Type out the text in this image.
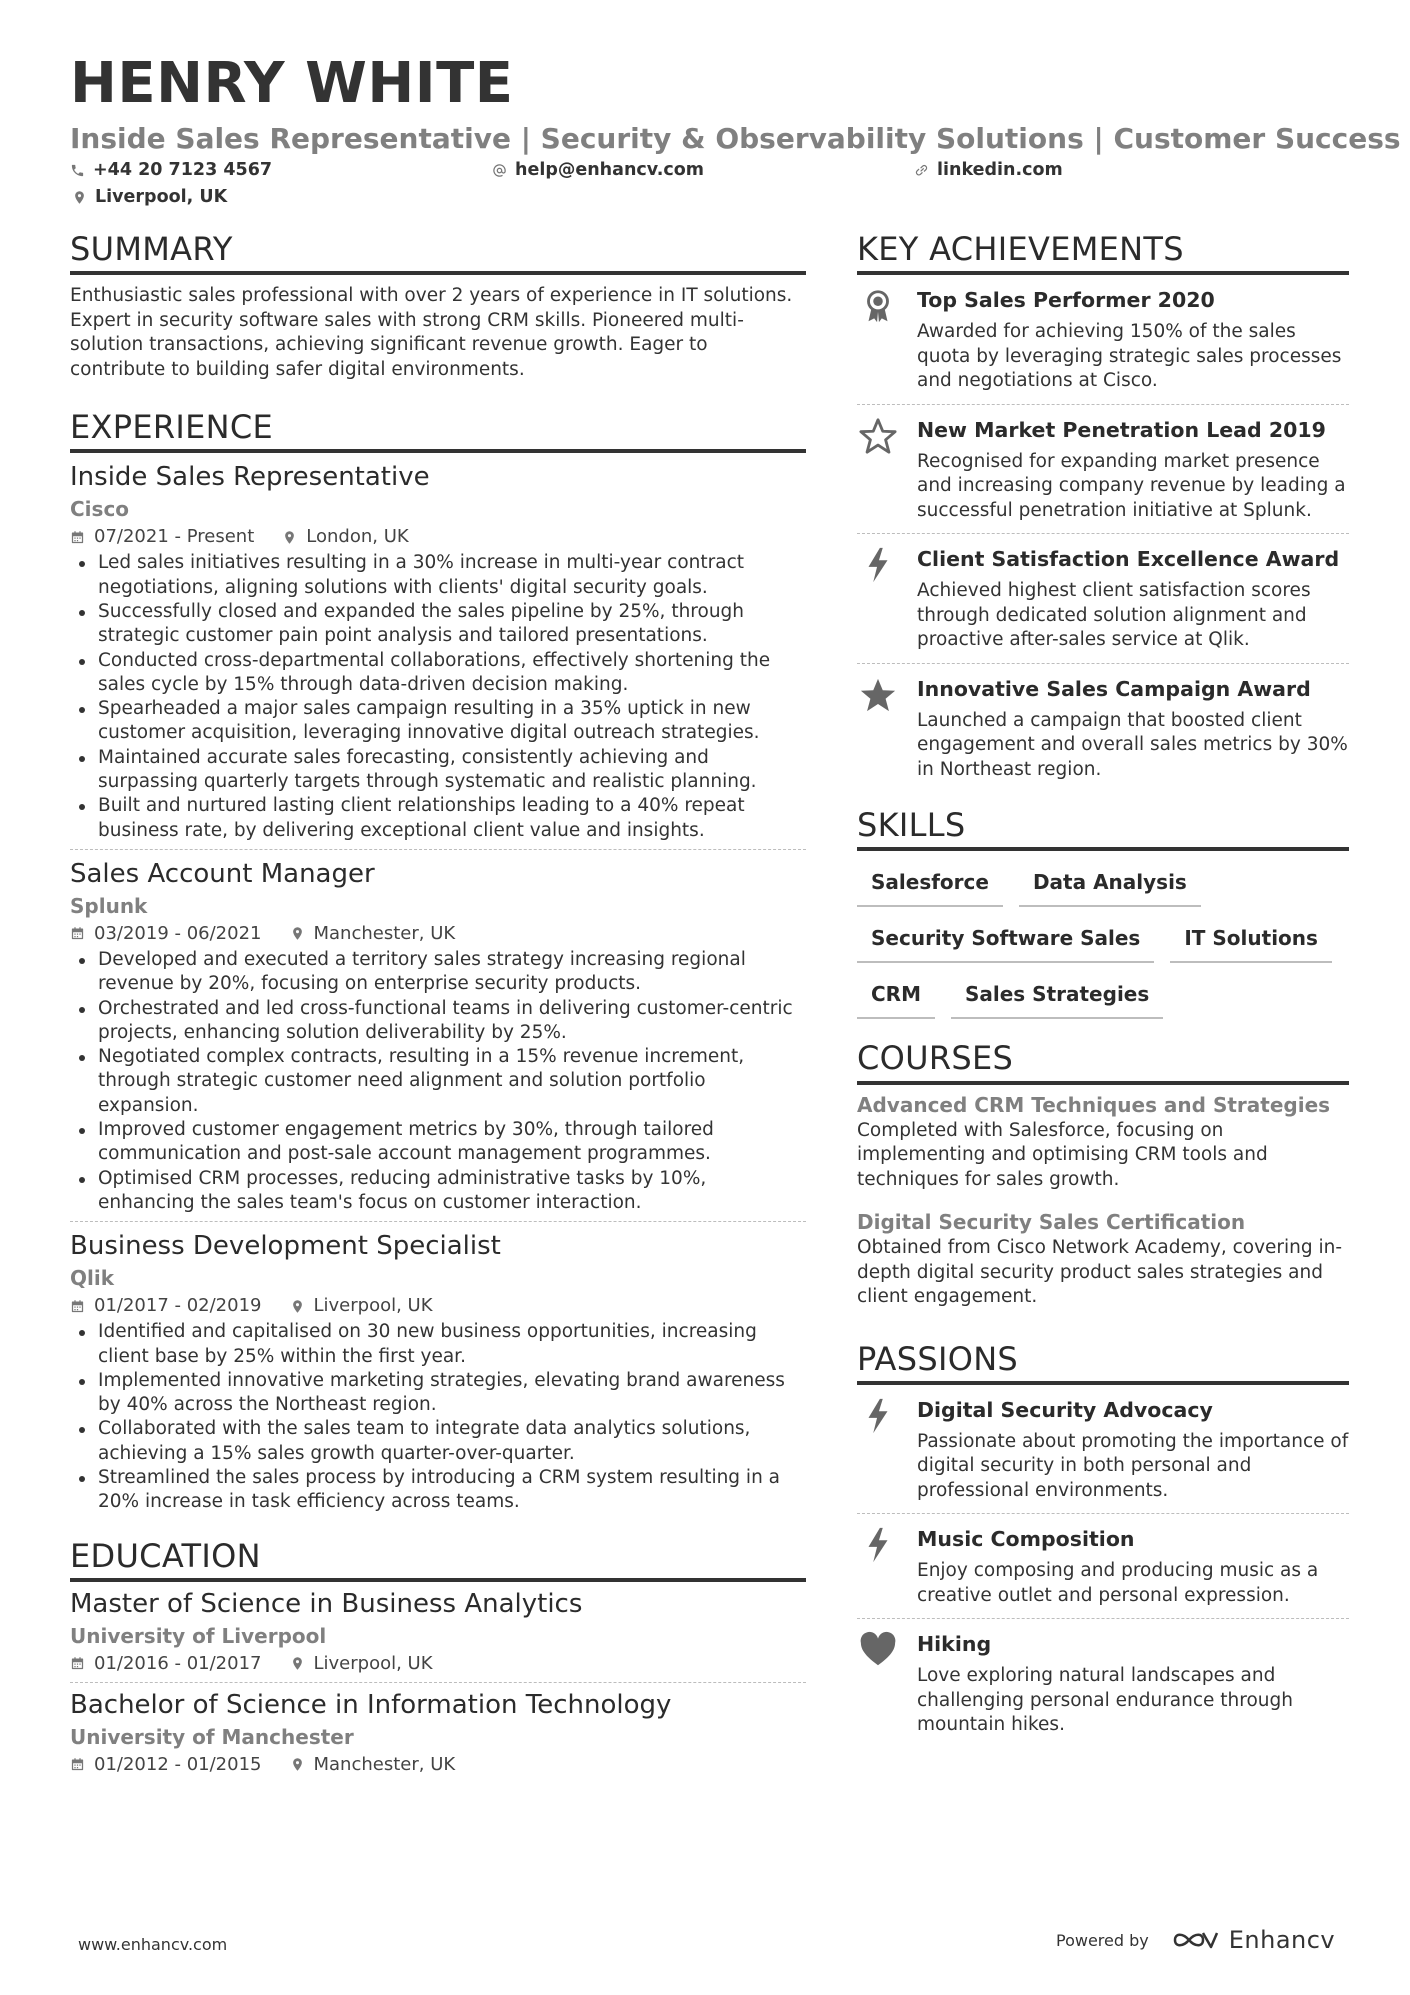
HENRY WHITE
Inside Sales Representative | Security & Observability Solutions | Customer Success
+44 20 7123 4567	help@enhancv.com	linkedin.com
Liverpool, UK
SUMMARY
Enthusiastic sales professional with over 2 years of experience in IT solutions. Expert in security software sales with strong CRM skills. Pioneered multi-solution transactions, achieving significant revenue growth. Eager to contribute to building safer digital environments.
EXPERIENCE
Inside Sales Representative
Cisco
07/2021 - Present	London, UK
Led sales initiatives resulting in a 30% increase in multi-year contract negotiations, aligning solutions with clients' digital security goals.
Successfully closed and expanded the sales pipeline by 25%, through strategic customer pain point analysis and tailored presentations.
Conducted cross-departmental collaborations, effectively shortening the sales cycle by 15% through data-driven decision making.
Spearheaded a major sales campaign resulting in a 35% uptick in new customer acquisition, leveraging innovative digital outreach strategies.
Maintained accurate sales forecasting, consistently achieving and surpassing quarterly targets through systematic and realistic planning.
Built and nurtured lasting client relationships leading to a 40% repeat business rate, by delivering exceptional client value and insights.
Sales Account Manager
Splunk
03/2019 - 06/2021	Manchester, UK
Developed and executed a territory sales strategy increasing regional revenue by 20%, focusing on enterprise security products.
Orchestrated and led cross-functional teams in delivering customer-centric projects, enhancing solution deliverability by 25%.
Negotiated complex contracts, resulting in a 15% revenue increment, through strategic customer need alignment and solution portfolio expansion.
Improved customer engagement metrics by 30%, through tailored communication and post-sale account management programmes.
Optimised CRM processes, reducing administrative tasks by 10%, enhancing the sales team's focus on customer interaction.
Business Development Specialist
Qlik
01/2017 - 02/2019	Liverpool, UK
Identified and capitalised on 30 new business opportunities, increasing client base by 25% within the first year.
Implemented innovative marketing strategies, elevating brand awareness by 40% across the Northeast region.
Collaborated with the sales team to integrate data analytics solutions, achieving a 15% sales growth quarter-over-quarter.
Streamlined the sales process by introducing a CRM system resulting in a 20% increase in task efficiency across teams.
EDUCATION
Master of Science in Business Analytics
University of Liverpool
01/2016 - 01/2017	Liverpool, UK
Bachelor of Science in Information Technology
University of Manchester
01/2012 - 01/2015	Manchester, UK
KEY ACHIEVEMENTS
Top Sales Performer 2020
Awarded for achieving 150% of the sales quota by leveraging strategic sales processes and negotiations at Cisco.
New Market Penetration Lead 2019
Recognised for expanding market presence and increasing company revenue by leading a successful penetration initiative at Splunk.
Client Satisfaction Excellence Award
Achieved highest client satisfaction scores through dedicated solution alignment and proactive after-sales service at Qlik.
Innovative Sales Campaign Award
Launched a campaign that boosted client engagement and overall sales metrics by 30% in Northeast region.
SKILLS
Salesforce	Data Analysis
Security Software Sales	IT Solutions
CRM	Sales Strategies
COURSES
Advanced CRM Techniques and Strategies
Completed with Salesforce, focusing on implementing and optimising CRM tools and techniques for sales growth.
Digital Security Sales Certification
Obtained from Cisco Network Academy, covering in-depth digital security product sales strategies and client engagement.
PASSIONS
Digital Security Advocacy
Passionate about promoting the importance of digital security in both personal and professional environments.
Music Composition
Enjoy composing and producing music as a creative outlet and personal expression.
Hiking
Love exploring natural landscapes and challenging personal endurance through mountain hikes.
www.enhancv.com	Powered by	Enhancv
